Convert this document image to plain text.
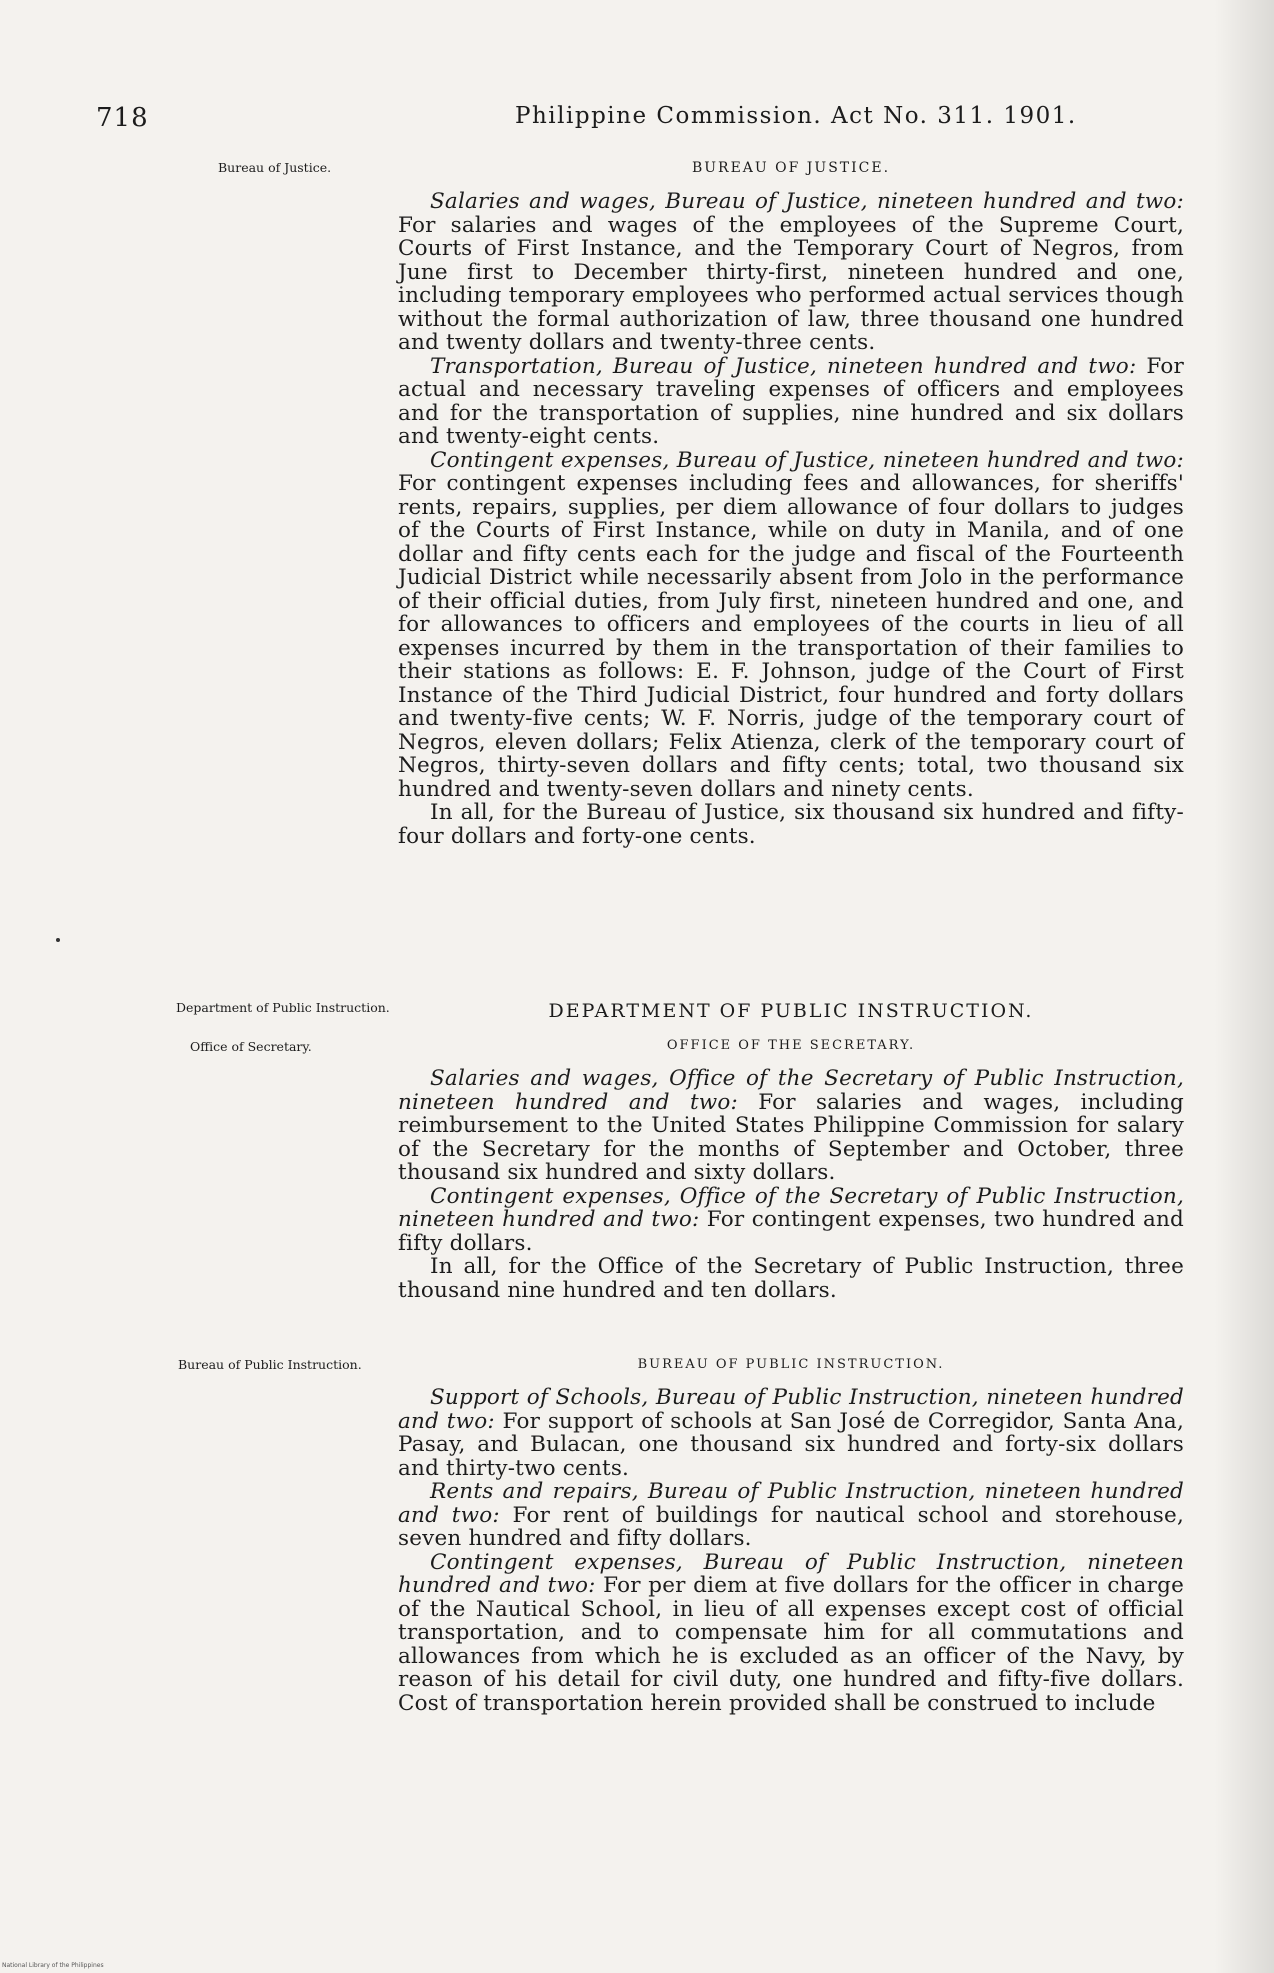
718	Philippine Commission. Act No. 311. 1901.
Bureau of Justice.
Department of Public Instruction.
Office of Secretary.
Bureau of Public Instruction.
BUREAU OF JUSTICE.

Salaries and wages, Bureau of Justice, nineteen hundred and two: For salaries and wages of the employees of the Supreme Court, Courts of First Instance, and the Temporary Court of Negros, from June first to December thirty-first, nineteen hundred and one, including temporary employees who performed actual services though without the formal authorization of law, three thousand one hundred and twenty dollars and twenty-three cents.

Transportation, Bureau of Justice, nineteen hundred and two: For actual and necessary traveling expenses of officers and employees and for the transportation of supplies, nine hundred and six dollars and twenty-eight cents.

Contingent expenses, Bureau of Justice, nineteen hundred and two: For contingent expenses including fees and allowances, for sheriffs' rents, repairs, supplies, per diem allowance of four dollars to judges of the Courts of First Instance, while on duty in Manila, and of one dollar and fifty cents each for the judge and fiscal of the Fourteenth Judicial District while necessarily absent from Jolo in the performance of their official duties, from July first, nineteen hundred and one, and for allowances to officers and employees of the courts in lieu of all expenses incurred by them in the transportation of their families to their stations as follows: E. F. Johnson, judge of the Court of First Instance of the Third Judicial District, four hundred and forty dollars and twenty-five cents; W. F. Norris, judge of the temporary court of Negros, eleven dollars; Felix Atienza, clerk of the temporary court of Negros, thirty-seven dollars and fifty cents; total, two thousand six hundred and twenty-seven dollars and ninety cents.

In all, for the Bureau of Justice, six thousand six hundred and fifty-four dollars and forty-one cents.

DEPARTMENT OF PUBLIC INSTRUCTION.
OFFICE OF THE SECRETARY.

Salaries and wages, Office of the Secretary of Public Instruction, nineteen hundred and two: For salaries and wages, including reimbursement to the United States Philippine Commission for salary of the Secretary for the months of September and October, three thousand six hundred and sixty dollars.

Contingent expenses, Office of the Secretary of Public Instruction, nineteen hundred and two: For contingent expenses, two hundred and fifty dollars.

In all, for the Office of the Secretary of Public Instruction, three thousand nine hundred and ten dollars.

BUREAU OF PUBLIC INSTRUCTION.

Support of Schools, Bureau of Public Instruction, nineteen hundred and two: For support of schools at San José de Corregidor, Santa Ana, Pasay, and Bulacan, one thousand six hundred and forty-six dollars and thirty-two cents.

Rents and repairs, Bureau of Public Instruction, nineteen hundred and two: For rent of buildings for nautical school and storehouse, seven hundred and fifty dollars.

Contingent expenses, Bureau of Public Instruction, nineteen hundred and two: For per diem at five dollars for the officer in charge of the Nautical School, in lieu of all expenses except cost of official transportation, and to compensate him for all commutations and allowances from which he is excluded as an officer of the Navy, by reason of his detail for civil duty, one hundred and fifty-five dollars. Cost of transportation herein provided shall be construed to include

National Library of the Philippines
